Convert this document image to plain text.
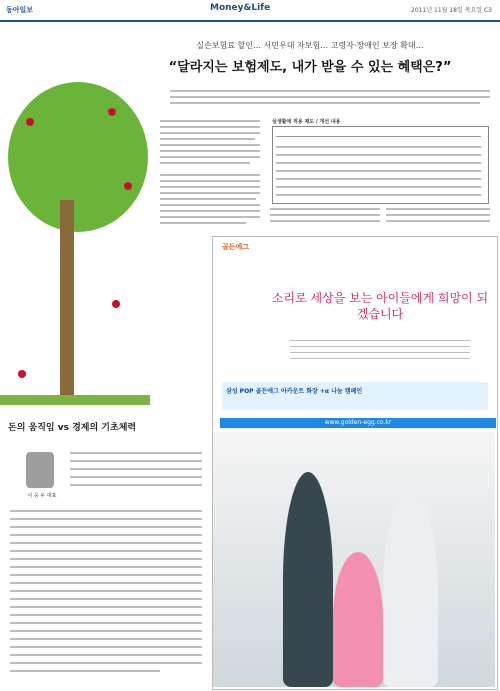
동아일보	Money&Life	2011년 11월 18일 목요일 C3
실손보험료 할인… 서민우대 자보험… 고령자·장애인 보장 확대…
“달라지는 보험제도, 내가 받을 수 있는 혜택은?”
실생활에 적용 제도 / 개선 내용
돈의 움직임 vs 경제의 기초체력
이 웅 두 대표
골든에그
소리로 세상을 보는 아이들에게 희망이 되겠습니다
삼성 POP 골든에그 아카운트 화장 +α 나눔 캠페인
www.golden-egg.co.kr
